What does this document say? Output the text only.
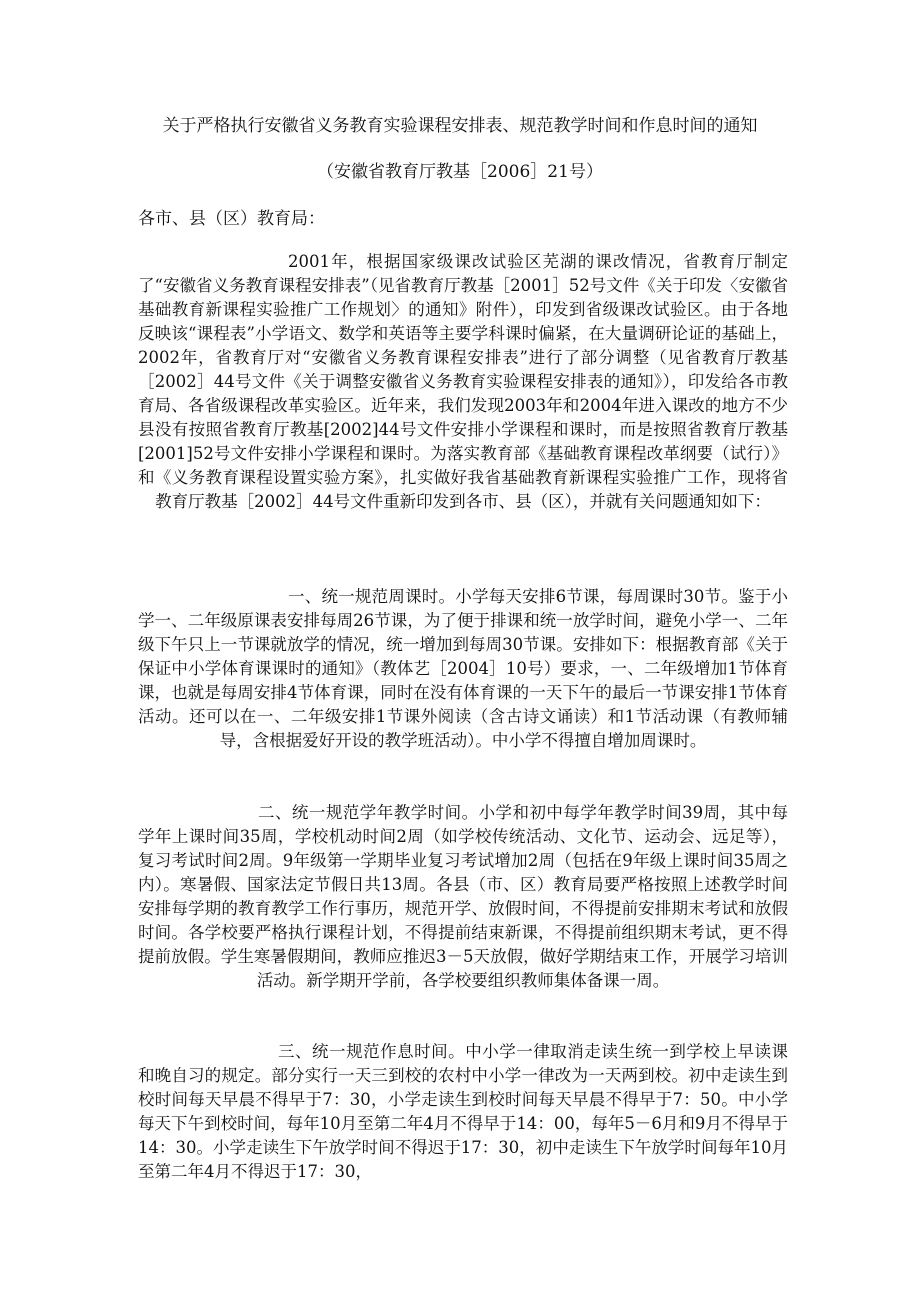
关于严格执行安徽省义务教育实验课程安排表、规范教学时间和作息时间的通知
（安徽省教育厅教基［2006］21号）
各市、县（区）教育局：

2001年，根据国家级课改试验区芜湖的课改情况，省教育厅制定了“安徽省义务教育课程安排表”（见省教育厅教基［2001］52号文件《关于印发〈安徽省基础教育新课程实验推广工作规划〉的通知》附件），印发到省级课改试验区。由于各地反映该“课程表”小学语文、数学和英语等主要学科课时偏紧，在大量调研论证的基础上，2002年，省教育厅对“安徽省义务教育课程安排表”进行了部分调整（见省教育厅教基［2002］44号文件《关于调整安徽省义务教育实验课程安排表的通知》），印发给各市教育局、各省级课程改革实验区。近年来，我们发现2003年和2004年进入课改的地方不少县没有按照省教育厅教基[2002]44号文件安排小学课程和课时，而是按照省教育厅教基[2001]52号文件安排小学课程和课时。为落实教育部《基础教育课程改革纲要（试行）》和《义务教育课程设置实验方案》，扎实做好我省基础教育新课程实验推广工作，现将省教育厅教基［2002］44号文件重新印发到各市、县（区），并就有关问题通知如下：

一、统一规范周课时。小学每天安排6节课，每周课时30节。鉴于小学一、二年级原课表安排每周26节课，为了便于排课和统一放学时间，避免小学一、二年级下午只上一节课就放学的情况，统一增加到每周30节课。安排如下：根据教育部《关于保证中小学体育课课时的通知》（教体艺［2004］10号）要求，一、二年级增加1节体育课，也就是每周安排4节体育课，同时在没有体育课的一天下午的最后一节课安排1节体育活动。还可以在一、二年级安排1节课外阅读（含古诗文诵读）和1节活动课（有教师辅导，含根据爱好开设的教学班活动）。中小学不得擅自增加周课时。

二、统一规范学年教学时间。小学和初中每学年教学时间39周，其中每学年上课时间35周，学校机动时间2周（如学校传统活动、文化节、运动会、远足等），复习考试时间2周。9年级第一学期毕业复习考试增加2周（包括在9年级上课时间35周之内）。寒暑假、国家法定节假日共13周。各县（市、区）教育局要严格按照上述教学时间安排每学期的教育教学工作行事历，规范开学、放假时间，不得提前安排期末考试和放假时间。各学校要严格执行课程计划，不得提前结束新课，不得提前组织期末考试，更不得提前放假。学生寒暑假期间，教师应推迟3－5天放假，做好学期结束工作，开展学习培训活动。新学期开学前，各学校要组织教师集体备课一周。

三、统一规范作息时间。中小学一律取消走读生统一到学校上早读课和晚自习的规定。部分实行一天三到校的农村中小学一律改为一天两到校。初中走读生到校时间每天早晨不得早于7：30，小学走读生到校时间每天早晨不得早于7：50。中小学每天下午到校时间，每年10月至第二年4月不得早于14：00，每年5－6月和9月不得早于14：30。小学走读生下午放学时间不得迟于17：30，初中走读生下午放学时间每年10月至第二年4月不得迟于17：30，
